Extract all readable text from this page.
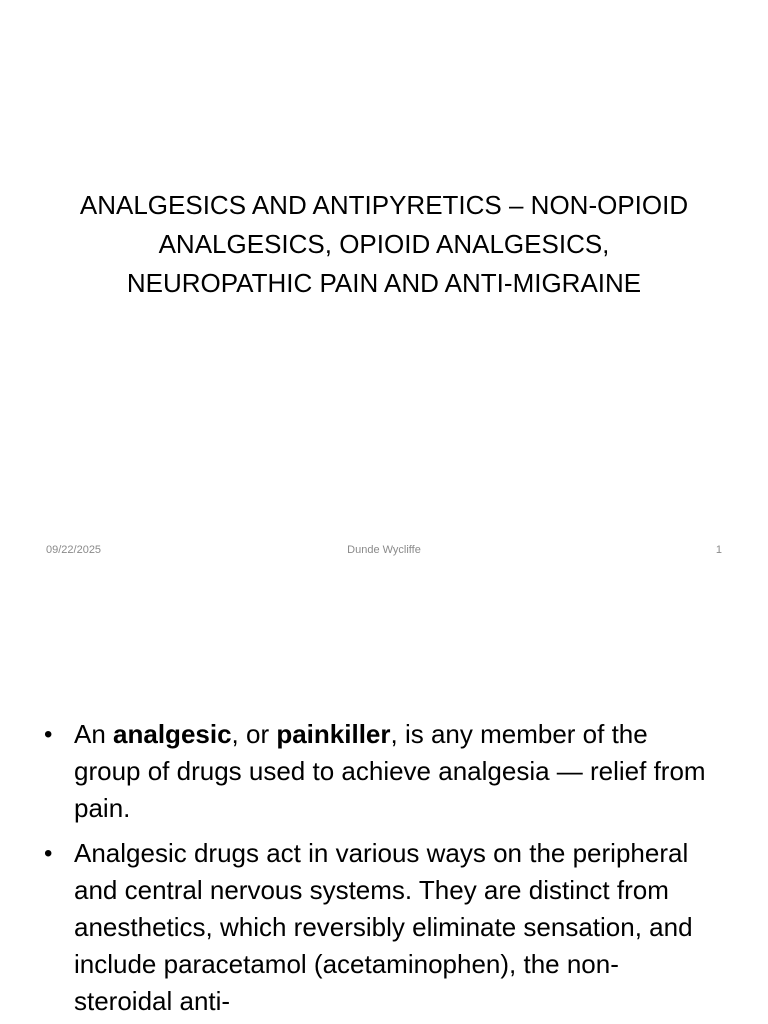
ANALGESICS AND ANTIPYRETICS – NON-OPIOID
ANALGESICS, OPIOID ANALGESICS,
NEUROPATHIC PAIN AND ANTI-MIGRAINE
09/22/2025	Dunde Wycliffe	1
• An analgesic, or painkiller, is any member of the group of drugs used to achieve analgesia — relief from pain.
• Analgesic drugs act in various ways on the peripheral and central nervous systems. They are distinct from anesthetics, which reversibly eliminate sensation, and include paracetamol (acetaminophen), the non-steroidal anti-
